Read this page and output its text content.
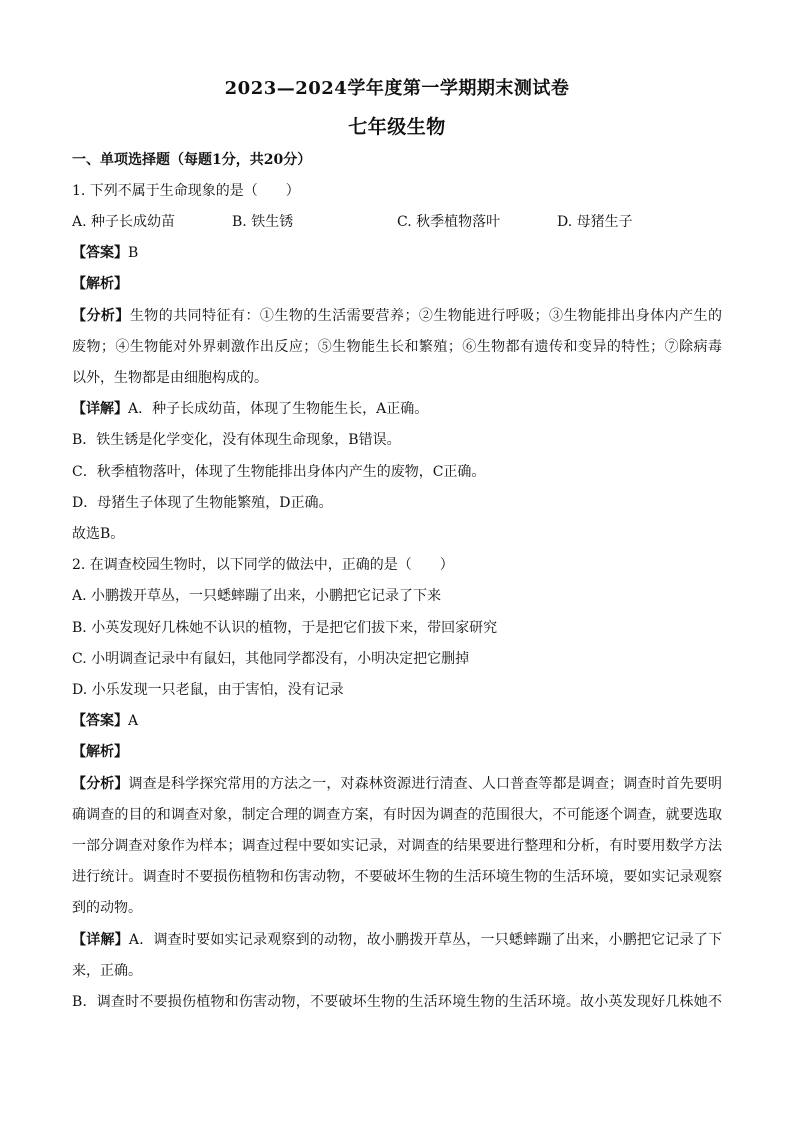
2023—2024学年度第一学期期末测试卷
七年级生物
一、单项选择题（每题1分，共20分）
1. 下列不属于生命现象的是（　　）
A. 种子长成幼苗	B. 铁生锈	C. 秋季植物落叶	D. 母猪生子
【答案】B
【解析】
【分析】生物的共同特征有：①生物的生活需要营养；②生物能进行呼吸；③生物能排出身体内产生的
废物；④生物能对外界刺激作出反应；⑤生物能生长和繁殖；⑥生物都有遗传和变异的特性；⑦除病毒
以外，生物都是由细胞构成的。
【详解】A．种子长成幼苗，体现了生物能生长，A正确。
B．铁生锈是化学变化，没有体现生命现象，B错误。
C．秋季植物落叶，体现了生物能排出身体内产生的废物，C正确。
D．母猪生子体现了生物能繁殖，D正确。
故选B。
2. 在调查校园生物时，以下同学的做法中，正确的是（　　）
A. 小鹏拨开草丛，一只蟋蟀蹦了出来，小鹏把它记录了下来
B. 小英发现好几株她不认识的植物，于是把它们拔下来，带回家研究
C. 小明调查记录中有鼠妇，其他同学都没有，小明决定把它删掉
D. 小乐发现一只老鼠，由于害怕，没有记录
【答案】A
【解析】
【分析】调查是科学探究常用的方法之一，对森林资源进行清查、人口普查等都是调查；调查时首先要明
确调查的目的和调查对象，制定合理的调查方案，有时因为调查的范围很大，不可能逐个调查，就要选取
一部分调查对象作为样本；调查过程中要如实记录，对调查的结果要进行整理和分析，有时要用数学方法
进行统计。调查时不要损伤植物和伤害动物，不要破坏生物的生活环境生物的生活环境，要如实记录观察
到的动物。
【详解】A．调查时要如实记录观察到的动物，故小鹏拨开草丛，一只蟋蟀蹦了出来，小鹏把它记录了下
来，正确。
B．调查时不要损伤植物和伤害动物，不要破坏生物的生活环境生物的生活环境。故小英发现好几株她不
